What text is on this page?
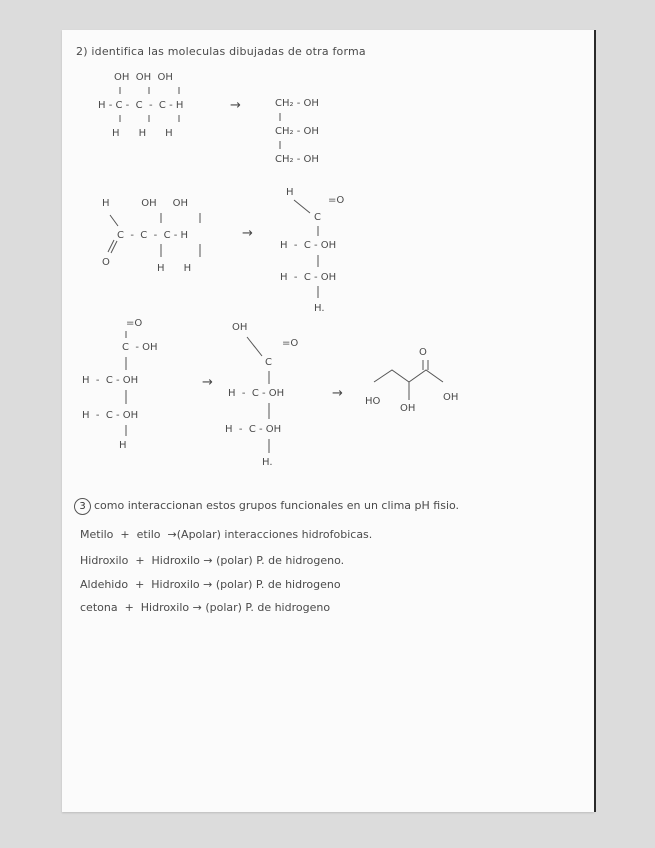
2) identifica las moleculas dibujadas de otra forma
OH  OH  OH
H - C -  C  -  C - H
H      H      H
→	CH₂ - OH
CH₂ - OH
CH₂ - OH
H          OH     OH
C  -  C  -  C - H
O
H      H
→
H
C
=O
H  -  C - OH
H  -  C - OH
H.
=O
C  - OH
H  -  C - OH
H  -  C - OH
H
→
OH
=O
C
H  -  C - OH
H  -  C - OH
H.
→
O
HO
OH
OH
3 como interaccionan estos grupos funcionales en un clima pH fisio.
Metilo  +  etilo  →(Apolar) interacciones hidrofobicas.
Hidroxilo  +  Hidroxilo → (polar) P. de hidrogeno.
Aldehido  +  Hidroxilo → (polar) P. de hidrogeno
cetona  +  Hidroxilo → (polar) P. de hidrogeno
